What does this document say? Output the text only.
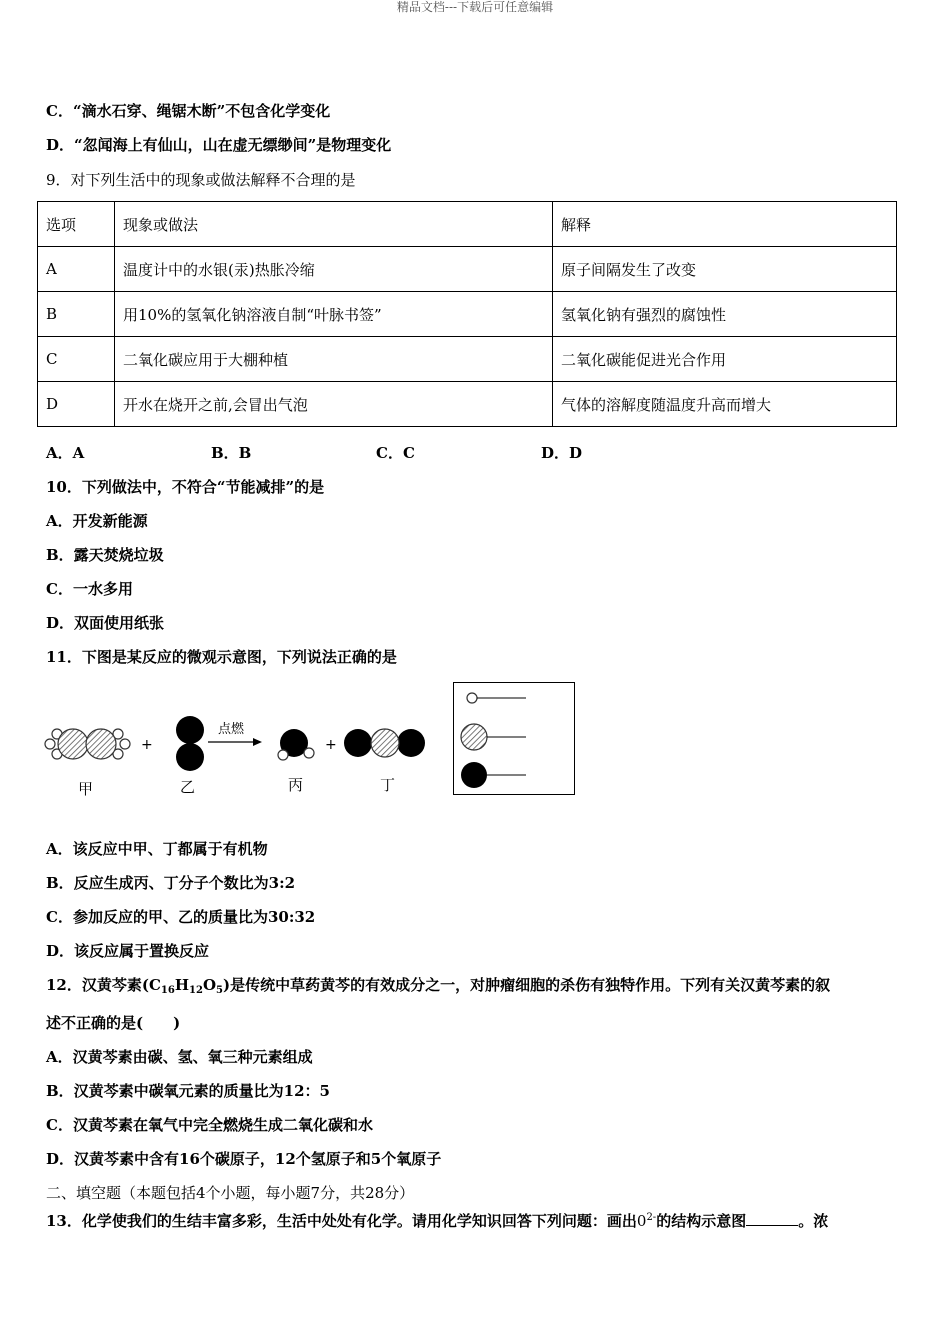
精品文档---下载后可任意编辑
C．“滴水石穿、绳锯木断”不包含化学变化
D．“忽闻海上有仙山，山在虚无缥缈间”是物理变化
9．对下列生活中的现象或做法解释不合理的是
选项	现象或做法	解释
A	温度计中的水银(汞)热胀冷缩	原子间隔发生了改变
B	用10%的氢氧化钠溶液自制“叶脉书签”	氢氧化钠有强烈的腐蚀性
C	二氧化碳应用于大棚种植	二氧化碳能促进光合作用
D	开水在烧开之前,会冒出气泡	气体的溶解度随温度升高而增大
A．A	B．B	C．C	D．D
10．下列做法中，不符合“节能减排”的是
A．开发新能源
B．露天焚烧垃圾
C．一水多用
D．双面使用纸张
11．下图是某反应的微观示意图，下列说法正确的是
+
点燃
+
甲	乙	丙	丁
A．该反应中甲、丁都属于有机物
B．反应生成丙、丁分子个数比为3:2
C．参加反应的甲、乙的质量比为30:32
D．该反应属于置换反应
12．汉黄芩素$(C_{16}H_{12}O_5)$是传统中草药黄芩的有效成分之一，对肿瘤细胞的杀伤有独特作用。下列有关汉黄芩素的叙
述不正确的是(　　)
A．汉黄芩素由碳、氢、氧三种元素组成
B．汉黄芩素中碳氧元素的质量比为12：5
C．汉黄芩素在氧气中完全燃烧生成二氧化碳和水
D．汉黄芩素中含有16个碳原子，12个氢原子和5个氧原子
二、填空题（本题包括4个小题，每小题7分，共28分）
13．化学使我们的生结丰富多彩，生活中处处有化学。请用化学知识回答下列问题：画出$0^{2-}$的结构示意图	。浓
